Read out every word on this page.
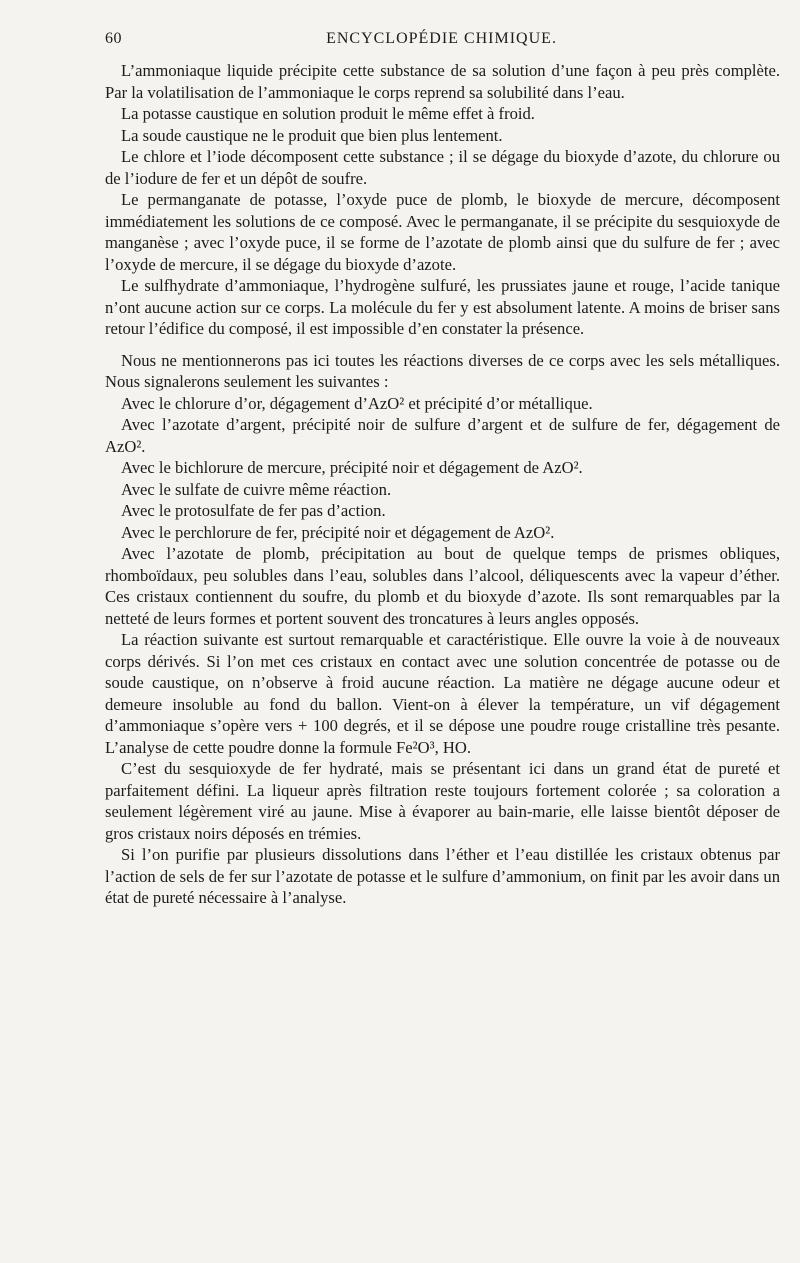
60	ENCYCLOPÉDIE CHIMIQUE.

L’ammoniaque liquide précipite cette substance de sa solution d’une façon à peu près complète. Par la volatilisation de l’ammoniaque le corps reprend sa solubilité dans l’eau.

La potasse caustique en solution produit le même effet à froid.

La soude caustique ne le produit que bien plus lentement.

Le chlore et l’iode décomposent cette substance ; il se dégage du bioxyde d’azote, du chlorure ou de l’iodure de fer et un dépôt de soufre.

Le permanganate de potasse, l’oxyde puce de plomb, le bioxyde de mercure, décomposent immédiatement les solutions de ce composé. Avec le permanganate, il se précipite du sesquioxyde de manganèse ; avec l’oxyde puce, il se forme de l’azotate de plomb ainsi que du sulfure de fer ; avec l’oxyde de mercure, il se dégage du bioxyde d’azote.

Le sulfhydrate d’ammoniaque, l’hydrogène sulfuré, les prussiates jaune et rouge, l’acide tanique n’ont aucune action sur ce corps. La molécule du fer y est absolument latente. A moins de briser sans retour l’édifice du composé, il est impossible d’en constater la présence.

Nous ne mentionnerons pas ici toutes les réactions diverses de ce corps avec les sels métalliques. Nous signalerons seulement les suivantes :

Avec le chlorure d’or, dégagement d’AzO² et précipité d’or métallique.

Avec l’azotate d’argent, précipité noir de sulfure d’argent et de sulfure de fer, dégagement de AzO².

Avec le bichlorure de mercure, précipité noir et dégagement de AzO².

Avec le sulfate de cuivre même réaction.

Avec le protosulfate de fer pas d’action.

Avec le perchlorure de fer, précipité noir et dégagement de AzO².

Avec l’azotate de plomb, précipitation au bout de quelque temps de prismes obliques, rhomboïdaux, peu solubles dans l’eau, solubles dans l’alcool, déliquescents avec la vapeur d’éther. Ces cristaux contiennent du soufre, du plomb et du bioxyde d’azote. Ils sont remarquables par la netteté de leurs formes et portent souvent des troncatures à leurs angles opposés.

La réaction suivante est surtout remarquable et caractéristique. Elle ouvre la voie à de nouveaux corps dérivés. Si l’on met ces cristaux en contact avec une solution concentrée de potasse ou de soude caustique, on n’observe à froid aucune réaction. La matière ne dégage aucune odeur et demeure insoluble au fond du ballon. Vient-on à élever la température, un vif dégagement d’ammoniaque s’opère vers + 100 degrés, et il se dépose une poudre rouge cristalline très pesante. L’analyse de cette poudre donne la formule Fe²O³, HO.

C’est du sesquioxyde de fer hydraté, mais se présentant ici dans un grand état de pureté et parfaitement défini. La liqueur après filtration reste toujours fortement colorée ; sa coloration a seulement légèrement viré au jaune. Mise à évaporer au bain-marie, elle laisse bientôt déposer de gros cristaux noirs déposés en trémies.

Si l’on purifie par plusieurs dissolutions dans l’éther et l’eau distillée les cristaux obtenus par l’action de sels de fer sur l’azotate de potasse et le sulfure d’ammonium, on finit par les avoir dans un état de pureté nécessaire à l’analyse.
